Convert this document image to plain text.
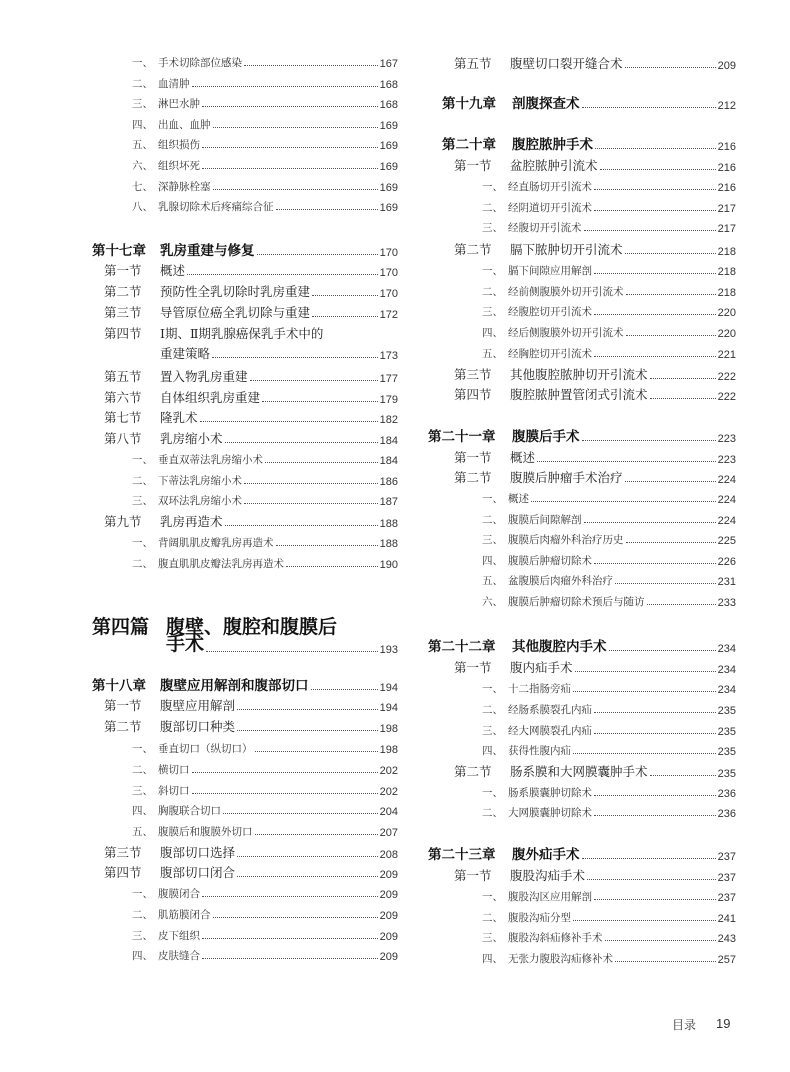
一、 手术切除部位感染	167
二、 血清肿	168
三、 淋巴水肿	168
四、 出血、血肿	169
五、 组织损伤	169
六、 组织坏死	169
七、 深静脉栓塞	169
八、 乳腺切除术后疼痛综合征	169
第十七章	乳房重建与修复	170
第一节	概述	170
第二节	预防性全乳切除时乳房重建	170
第三节	导管原位癌全乳切除与重建	172
第四节	Ⅰ期、Ⅱ期乳腺癌保乳手术中的
重建策略	173
第五节	置入物乳房重建	177
第六节	自体组织乳房重建	179
第七节	隆乳术	182
第八节	乳房缩小术	184
一、 垂直双蒂法乳房缩小术	184
二、 下蒂法乳房缩小术	186
三、 双环法乳房缩小术	187
第九节	乳房再造术	188
一、 背阔肌肌皮瓣乳房再造术	188
二、 腹直肌肌皮瓣法乳房再造术	190
第十八章	腹壁应用解剖和腹部切口	194
第一节	腹壁应用解剖	194
第二节	腹部切口种类	198
一、 垂直切口（纵切口）	198
二、 横切口	202
三、 斜切口	202
四、 胸腹联合切口	204
五、 腹膜后和腹膜外切口	207
第三节	腹部切口选择	208
第四节	腹部切口闭合	209
一、 腹膜闭合	209
二、 肌筋膜闭合	209
三、 皮下组织	209
四、 皮肤缝合	209
第五节	腹壁切口裂开缝合术	209
第十九章	剖腹探查术	212
第二十章	腹腔脓肿手术	216
第一节	盆腔脓肿引流术	216
一、 经直肠切开引流术	216
二、 经阴道切开引流术	217
三、 经腹切开引流术	217
第二节	膈下脓肿切开引流术	218
一、 膈下间隙应用解剖	218
二、 经前侧腹膜外切开引流术	218
三、 经腹腔切开引流术	220
四、 经后侧腹膜外切开引流术	220
五、 经胸腔切开引流术	221
第三节	其他腹腔脓肿切开引流术	222
第四节	腹腔脓肿置管闭式引流术	222
第二十一章	腹膜后手术	223
第一节	概述	223
第二节	腹膜后肿瘤手术治疗	224
一、 概述	224
二、 腹膜后间隙解剖	224
三、 腹膜后肉瘤外科治疗历史	225
四、 腹膜后肿瘤切除术	226
五、 盆腹膜后肉瘤外科治疗	231
六、 腹膜后肿瘤切除术预后与随访	233
第二十二章	其他腹腔内手术	234
第一节	腹内疝手术	234
一、 十二指肠旁疝	234
二、 经肠系膜裂孔内疝	235
三、 经大网膜裂孔内疝	235
四、 获得性腹内疝	235
第二节	肠系膜和大网膜囊肿手术	235
一、 肠系膜囊肿切除术	236
二、 大网膜囊肿切除术	236
第二十三章	腹外疝手术	237
第一节	腹股沟疝手术	237
一、 腹股沟区应用解剖	237
二、 腹股沟疝分型	241
三、 腹股沟斜疝修补手术	243
四、 无张力腹股沟疝修补术	257
第四篇 腹壁、腹腔和腹膜后
手术	193
目录 19
